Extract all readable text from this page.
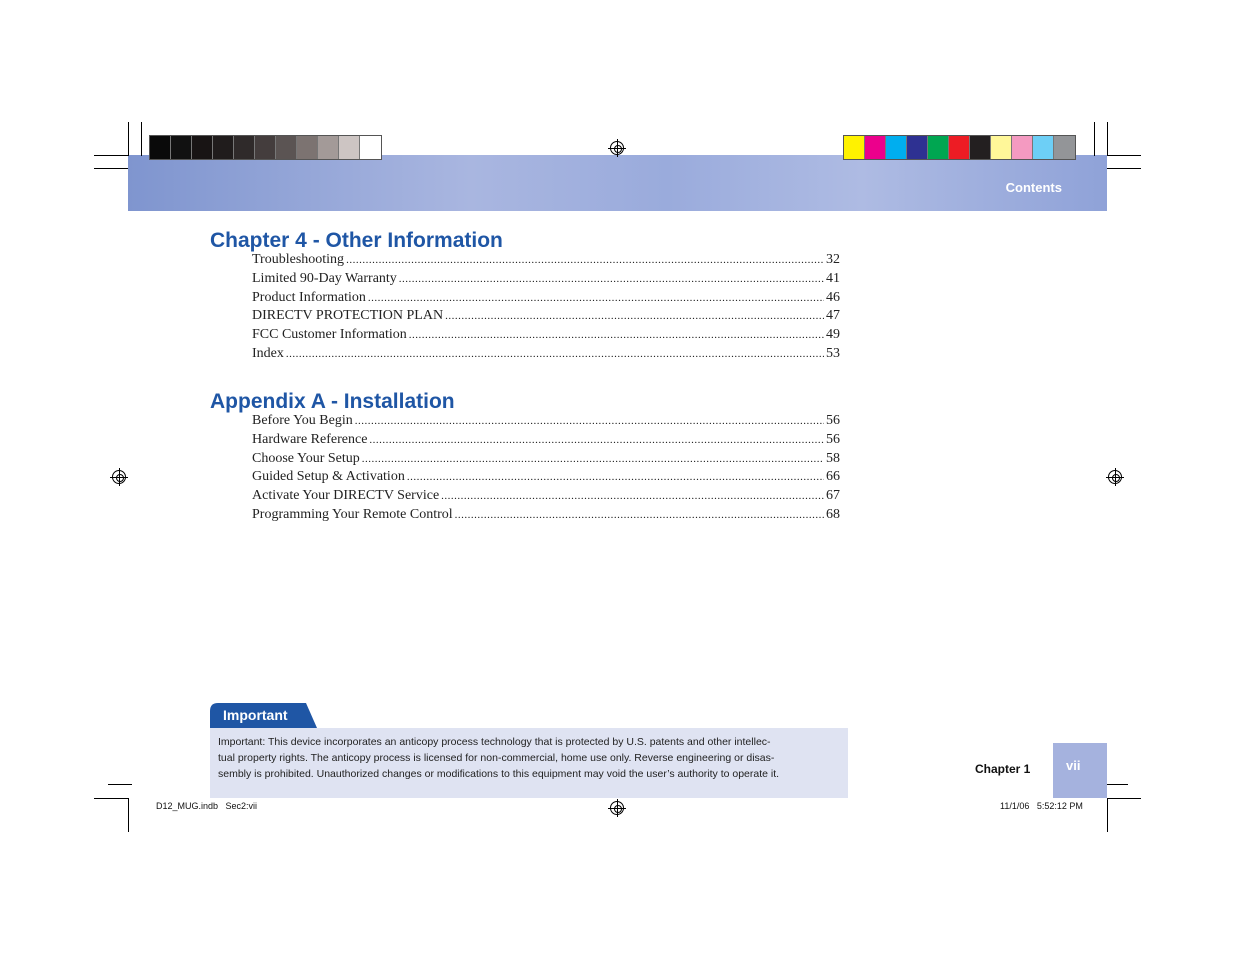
Contents
Chapter 4 - Other Information
Troubleshooting .....	32
Limited 90-Day Warranty .....	41
Product Information .....	46
DIRECTV PROTECTION PLAN .....	47
FCC Customer Information .....	49
Index .....	53
Appendix A - Installation
Before You Begin .....	56
Hardware Reference .....	56
Choose Your Setup .....	58
Guided Setup & Activation .....	66
Activate Your DIRECTV Service .....	67
Programming Your Remote Control .....	68
Important
Important: This device incorporates an anticopy process technology that is protected by U.S. patents and other intellec-
tual property rights. The anticopy process is licensed for non-commercial, home use only. Reverse engineering or disas-
sembly is prohibited. Unauthorized changes or modifications to this equipment may void the user’s authority to operate it.	Chapter 1	vii
D12_MUG.indb   Sec2:vii	11/1/06   5:52:12 PM
